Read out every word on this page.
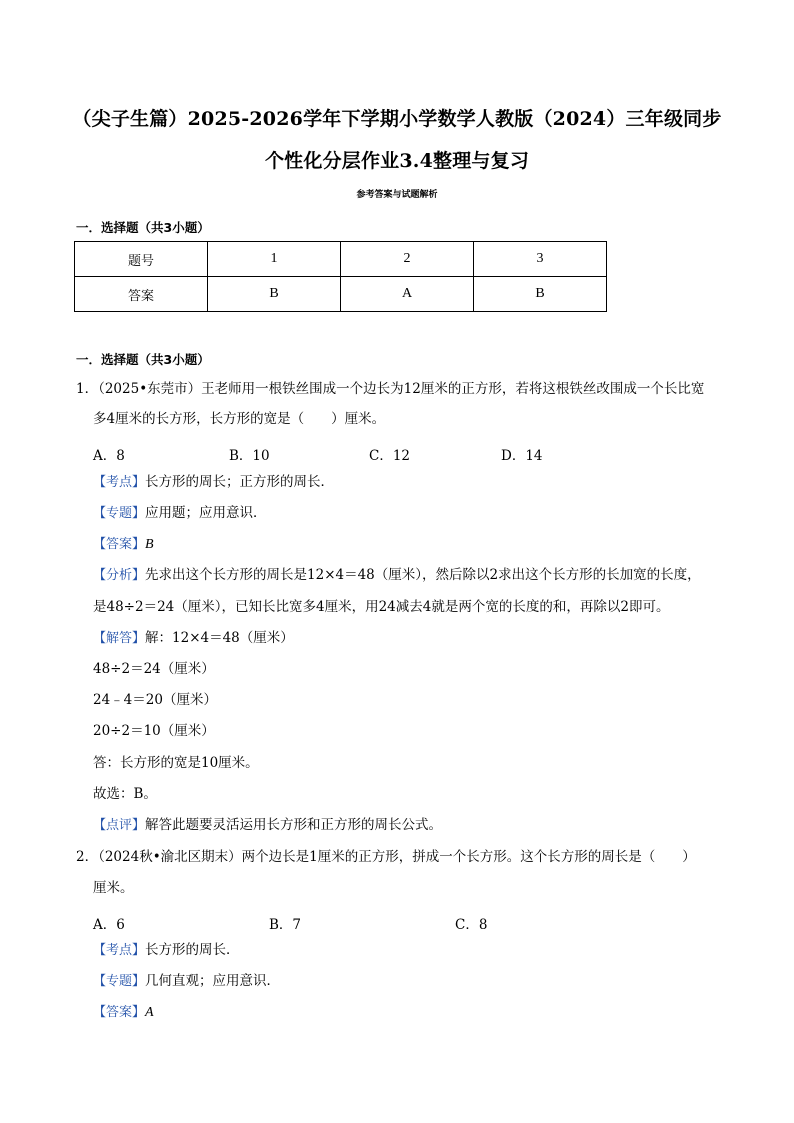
（尖子生篇）2025-2026学年下学期小学数学人教版（2024）三年级同步
个性化分层作业3.4整理与复习
参考答案与试题解析
一．选择题（共3小题）
题号	1	2	3
答案	B	A	B
一．选择题（共3小题）
1．（2025•东莞市）王老师用一根铁丝围成一个边长为12厘米的正方形，若将这根铁丝改围成一个长比宽
多4厘米的长方形，长方形的宽是（　　）厘米。
A．8	B．10	C．12	D．14
【考点】长方形的周长；正方形的周长．
【专题】应用题；应用意识．
【答案】B
【分析】先求出这个长方形的周长是12×4＝48（厘米），然后除以2求出这个长方形的长加宽的长度，
是48÷2＝24（厘米），已知长比宽多4厘米，用24减去4就是两个宽的长度的和，再除以2即可。
【解答】解：12×4＝48（厘米）
48÷2＝24（厘米）
24﹣4＝20（厘米）
20÷2＝10（厘米）
答：长方形的宽是10厘米。
故选：B。
【点评】解答此题要灵活运用长方形和正方形的周长公式。
2．（2024秋•渝北区期末）两个边长是1厘米的正方形，拼成一个长方形。这个长方形的周长是（　　）
厘米。
A．6	B．7	C．8
【考点】长方形的周长．
【专题】几何直观；应用意识．
【答案】A
